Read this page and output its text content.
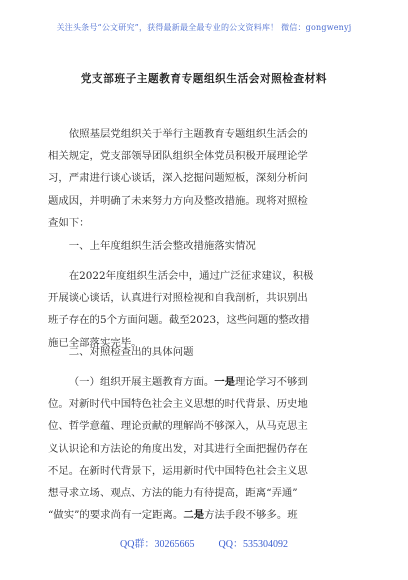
关注头条号“公文研究”，获得最新最全最专业的公文资料库！ 微信：gongwenyj
党支部班子主题教育专题组织生活会对照检查材料
依照基层党组织关于举行主题教育专题组织生活会的
相关规定，党支部领导团队组织全体党员积极开展理论学
习，严肃进行谈心谈话，深入挖掘问题短板，深刻分析问
题成因，并明确了未来努力方向及整改措施。现将对照检
查如下：
一、上年度组织生活会整改措施落实情况
在2022年度组织生活会中，通过广泛征求建议，积极
开展谈心谈话，认真进行对照检视和自我剖析，共识别出
班子存在的5个方面问题。截至2023，这些问题的整改措
施已全部落实完毕。
二、对照检查出的具体问题
（一）组织开展主题教育方面。一是理论学习不够到
位。对新时代中国特色社会主义思想的时代背景、历史地
位、哲学意蕴、理论贡献的理解尚不够深入，从马克思主
义认识论和方法论的角度出发，对其进行全面把握仍存在
不足。在新时代背景下，运用新时代中国特色社会主义思
想寻求立场、观点、方法的能力有待提高，距离“弄通”
“做实”的要求尚有一定距离。二是方法手段不够多。班
QQ群：30265665 QQ：535304092
